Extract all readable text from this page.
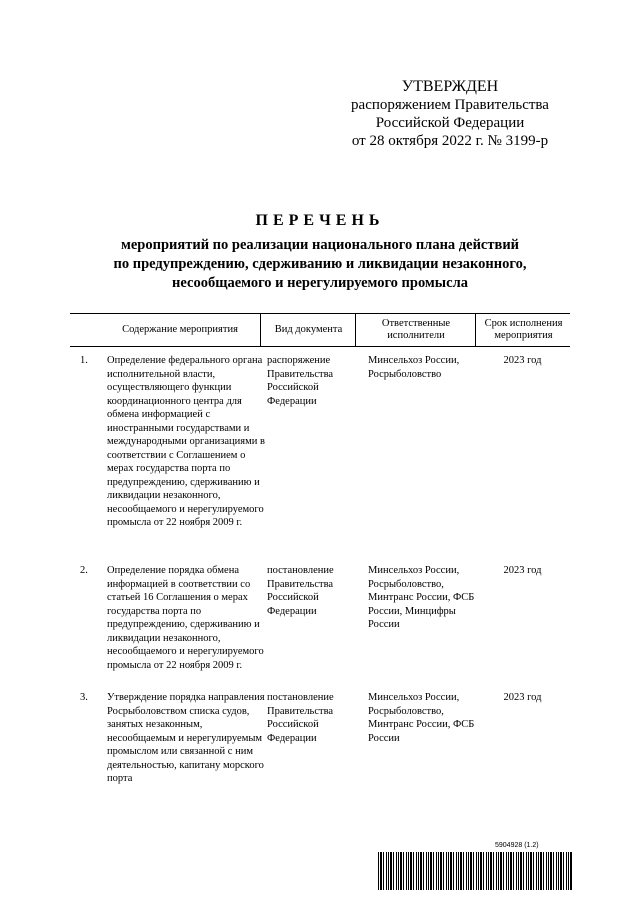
УТВЕРЖДЕН
распоряжением Правительства
Российской Федерации
от 28 октября 2022 г. № 3199-р
ПЕРЕЧЕНЬ
мероприятий по реализации национального плана действий
по предупреждению, сдерживанию и ликвидации незаконного,
несообщаемого и нерегулируемого промысла
Содержание мероприятия	Вид документа
Ответственные исполнители
Срок исполнения мероприятия
1. Определение федерального органа исполнительной власти, осуществляющего функции координационного центра для обмена информацией с иностранными государствами и международными организациями в соответствии с Соглашением о мерах государства порта по предупреждению, сдерживанию и ликвидации незаконного, несообщаемого и нерегулируемого промысла от 22 ноября 2009 г.
распоряжение Правительства Российской Федерации
Минсельхоз России, Росрыболовство
2023 год
2. Определение порядка обмена информацией в соответствии со статьей 16 Соглашения о мерах государства порта по предупреждению, сдерживанию и ликвидации незаконного, несообщаемого и нерегулируемого промысла от 22 ноября 2009 г.
постановление Правительства Российской Федерации
Минсельхоз России, Росрыболовство, Минтранс России, ФСБ России, Минцифры России
2023 год
3. Утверждение порядка направления Росрыболовством списка судов, занятых незаконным, несообщаемым и нерегулируемым промыслом или связанной с ним деятельностью, капитану морского порта
постановление Правительства Российской Федерации
Минсельхоз России, Росрыболовство, Минтранс России, ФСБ России
2023 год
5904928 (1.2)
